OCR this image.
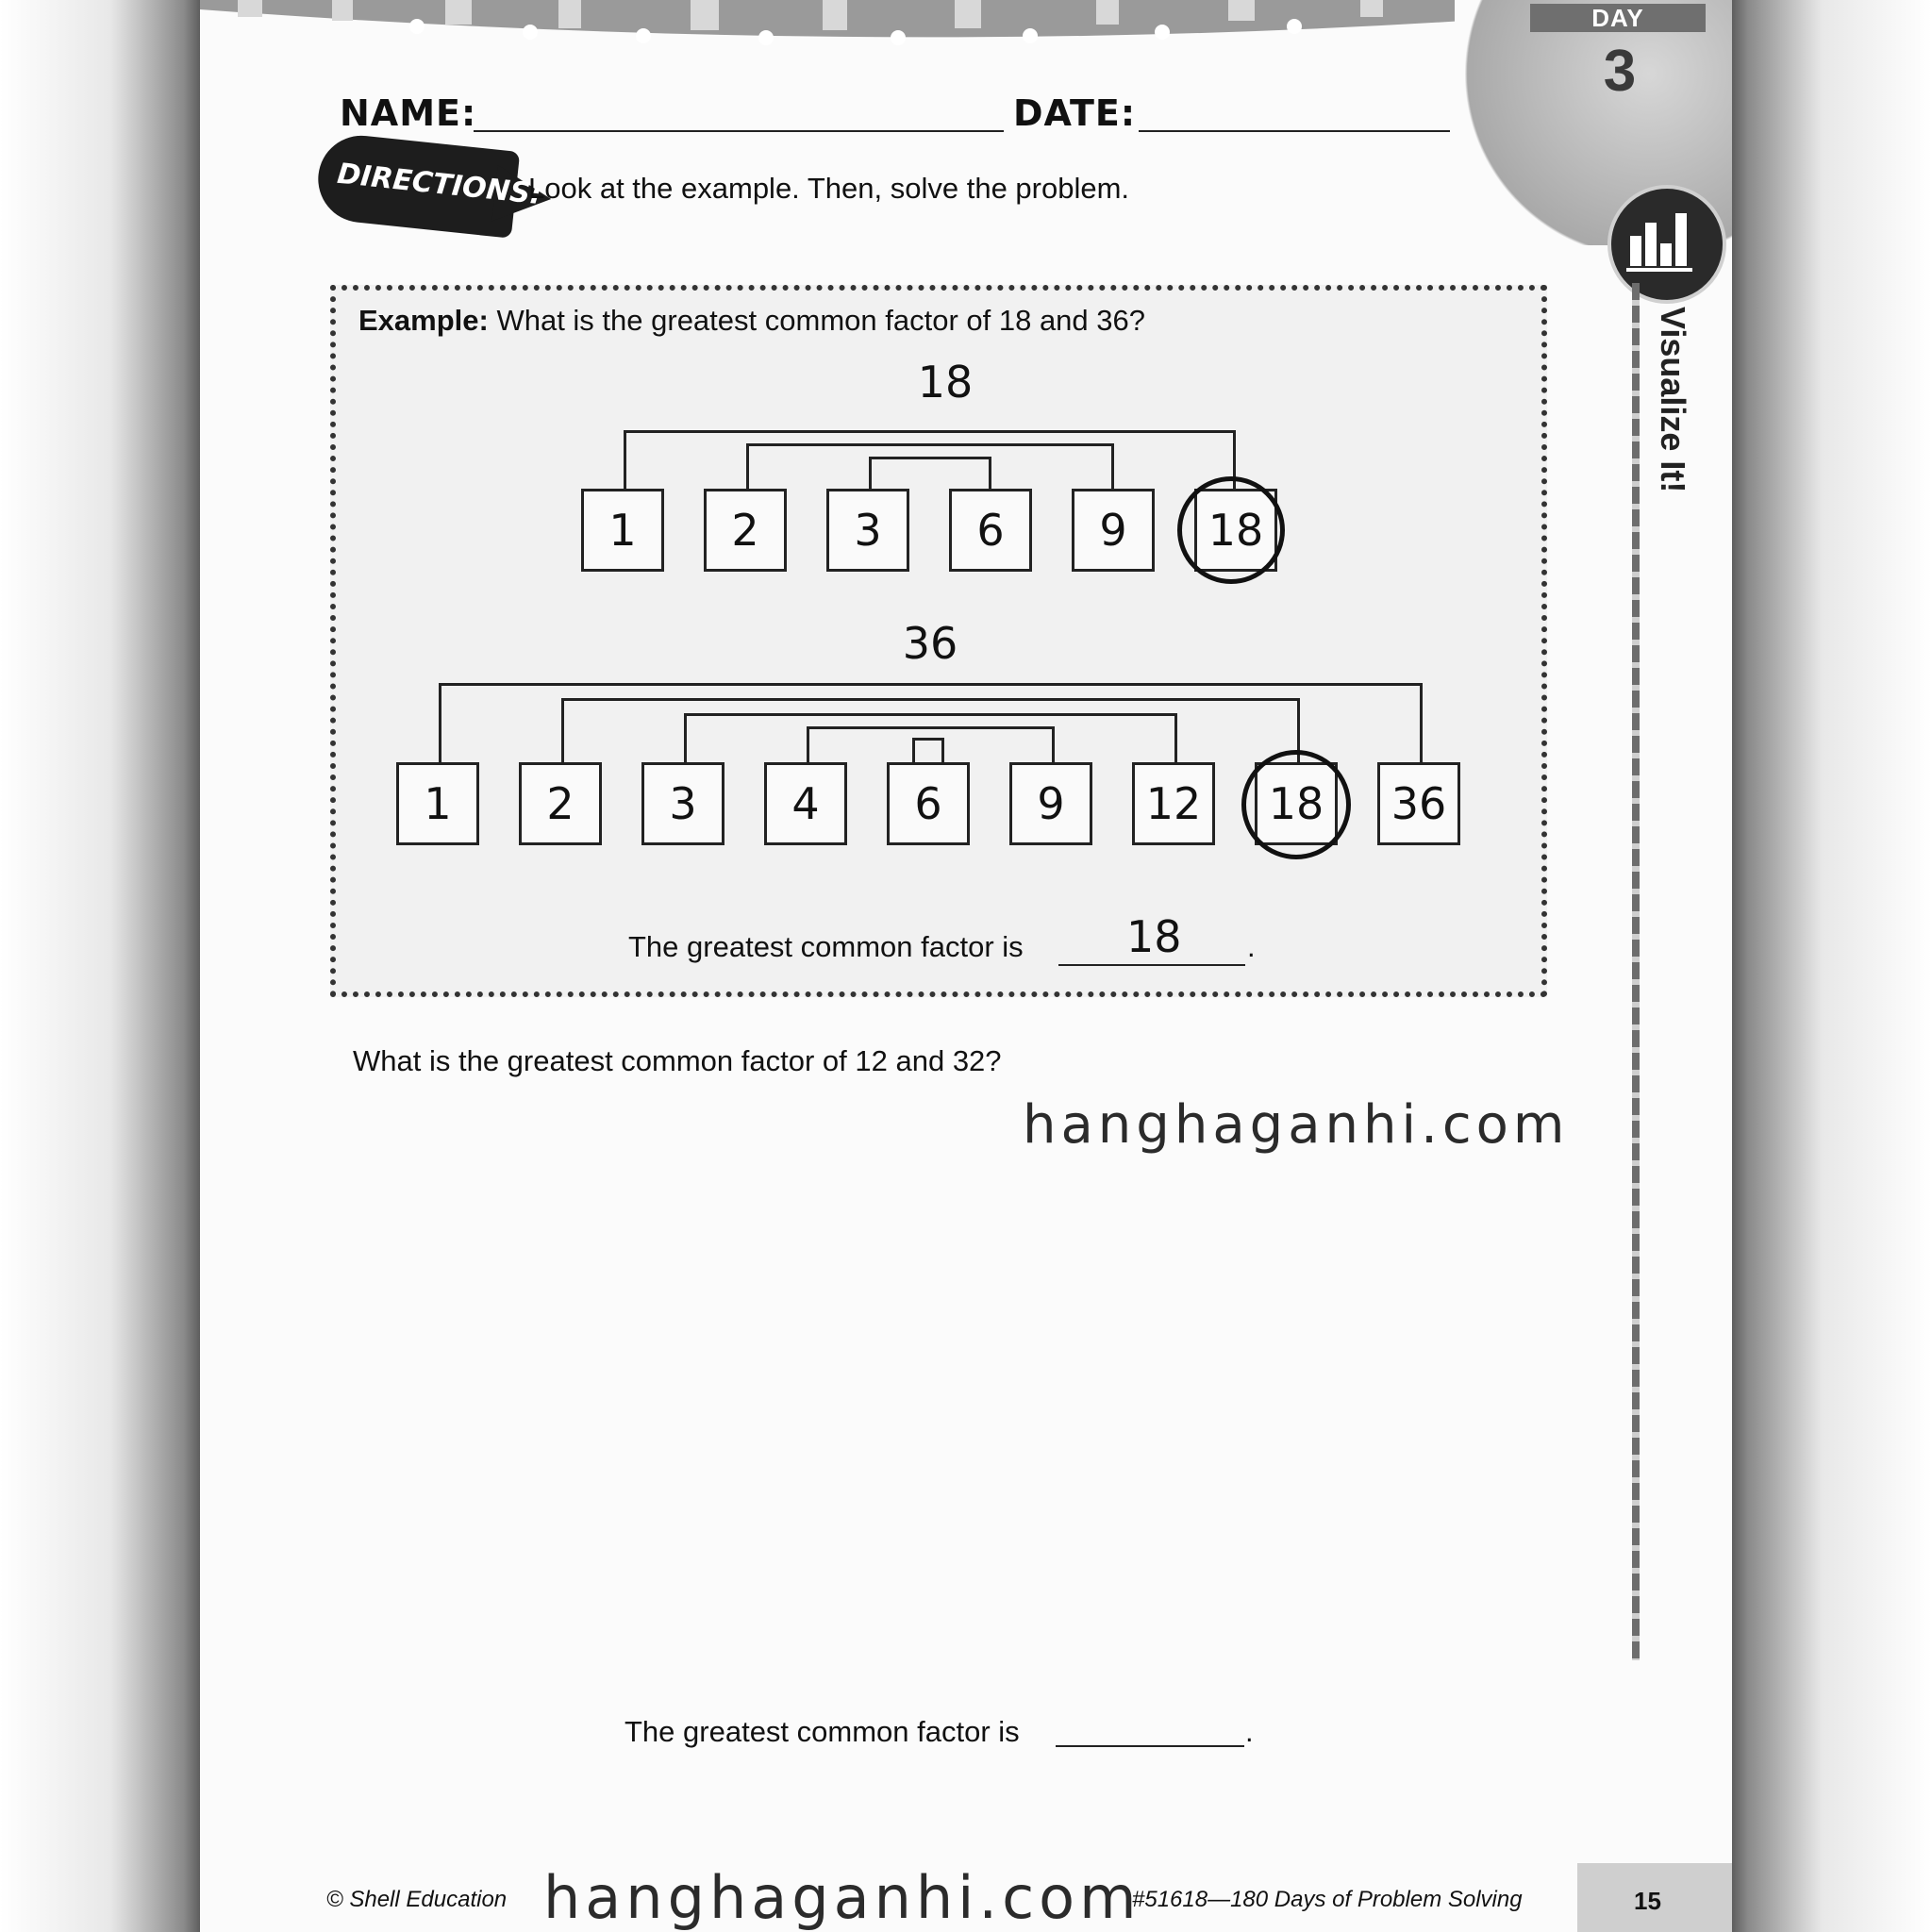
DAY
3
Visualize It!
NAME:	DATE:
DIRECTIONS:
Look at the example. Then, solve the problem.
Example: What is the greatest common factor of 18 and 36?
18
1	2	3	6	9	18
36
1	2	3	4	6	9	12	18	36
The greatest common factor is 18 .
What is the greatest common factor of 12 and 32?
hanghaganhi.com
The greatest common factor is	.
© Shell Education	#51618—180 Days of Problem Solving	15
hanghaganhi.com
